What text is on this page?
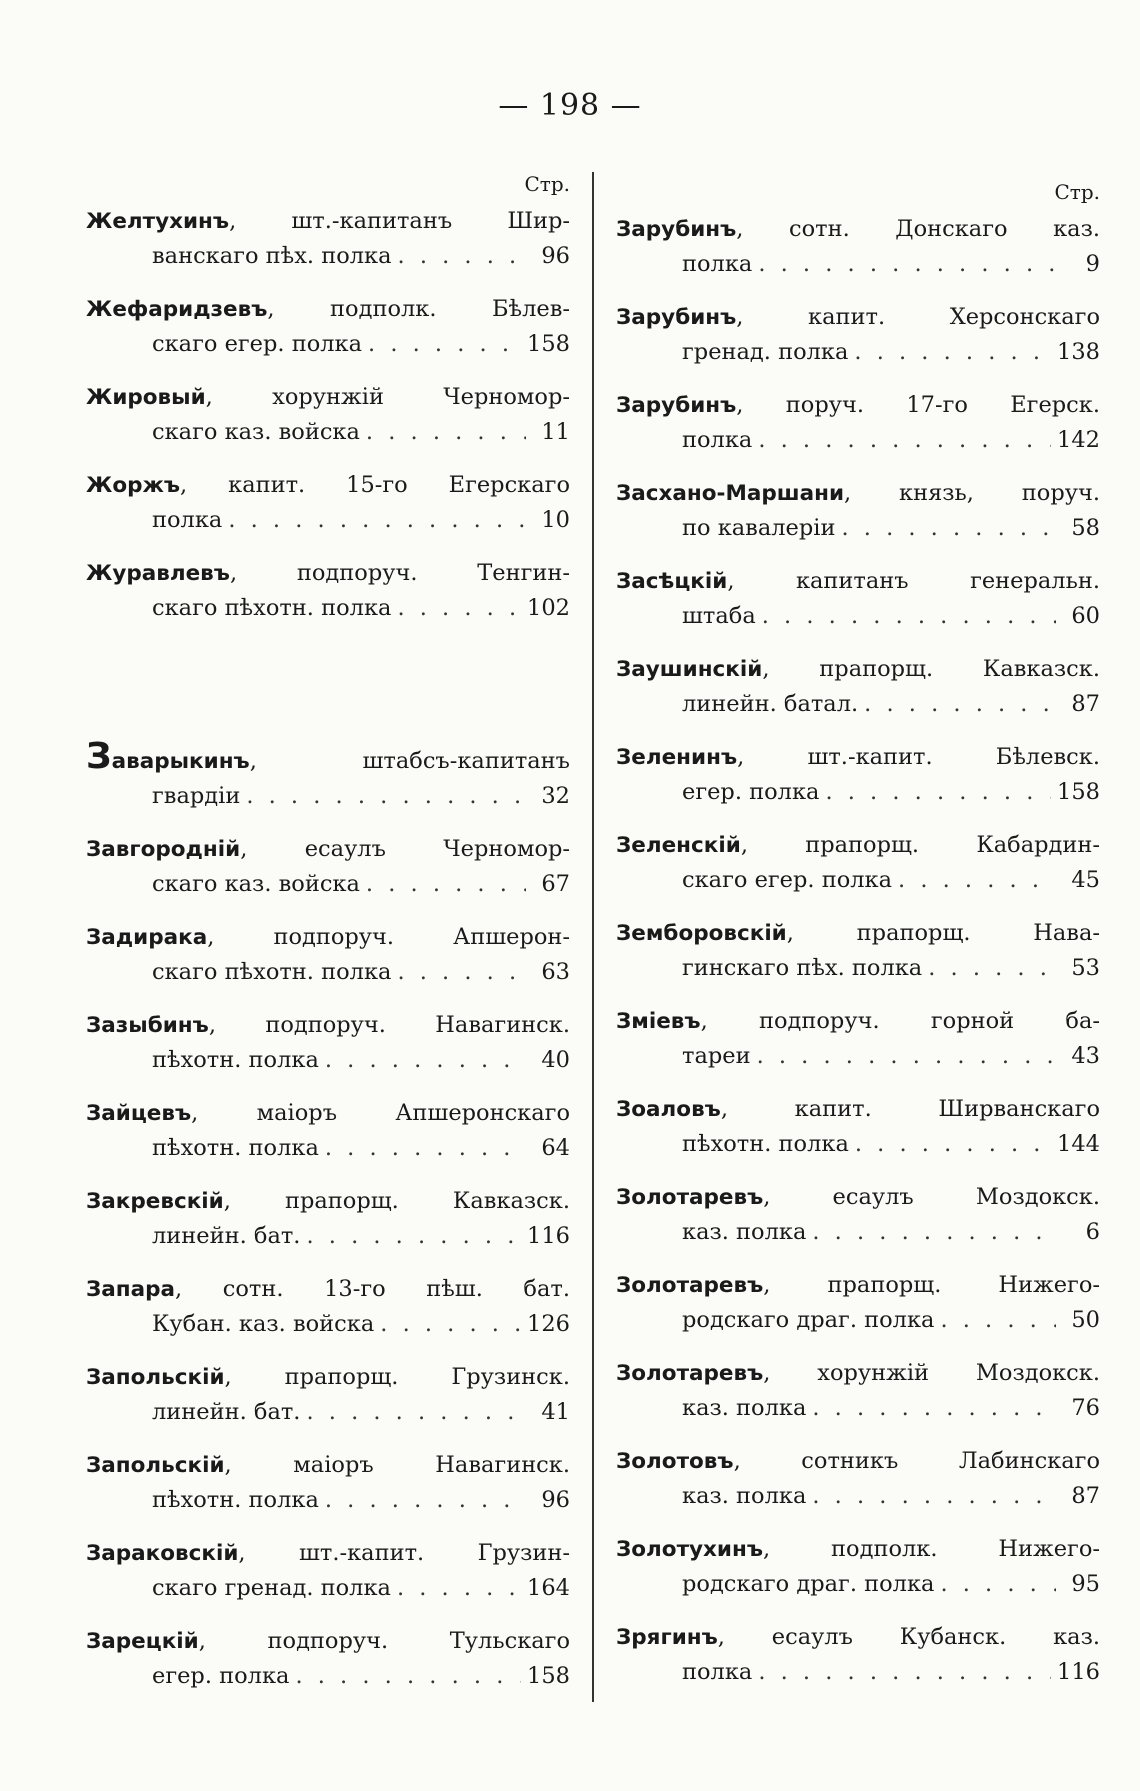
— 198 —
Стр.
Желтухинъ, шт.-капитанъ Шир-
ванскаго пѣх. полка . . .	96
Жефаридзевъ, подполк. Бѣлев-
скаго егер. полка . . .	158
Жировый, хорунжій Черномор-
скаго каз. войска . . .	11
Жоржъ, капит. 15-го Егерскаго
полка . . .	10
Журавлевъ, подпоруч. Тенгин-
скаго пѣхотн. полка . . .	102
Заварыкинъ, штабсъ-капитанъ
гвардіи . . .	32
Завгородній, есаулъ Черномор-
скаго каз. войска . . .	67
Задирака, подпоруч. Апшерон-
скаго пѣхотн. полка . . .	63
Зазыбинъ, подпоруч. Навагинск.
пѣхотн. полка . . .	40
Зайцевъ, маіоръ Апшеронскаго
пѣхотн. полка . . .	64
Закревскій, прапорщ. Кавказск.
линейн. бат. . . .	116
Запара, сотн. 13-го пѣш. бат.
Кубан. каз. войска . . .	126
Запольскій, прапорщ. Грузинск.
линейн. бат. . . .	41
Запольскій, маіоръ Навагинск.
пѣхотн. полка . . .	96
Зараковскій, шт.-капит. Грузин-
скаго гренад. полка . . .	164
Зарецкій, подпоруч. Тульскаго
егер. полка . . .	158
Стр.
Зарубинъ, сотн. Донскаго каз.
полка . . .	9
Зарубинъ, капит. Херсонскаго
гренад. полка . . .	138
Зарубинъ, поруч. 17-го Егерск.
полка . . .	142
Засхано-Маршани, князь, поруч.
по кавалеріи . . .	58
Засѣцкій, капитанъ генеральн.
штаба . . .	60
Заушинскій, прапорщ. Кавказск.
линейн. батал. . . .	87
Зеленинъ, шт.-капит. Бѣлевск.
егер. полка . . .	158
Зеленскій, прапорщ. Кабардин-
скаго егер. полка . . .	45
Земборовскій, прапорщ. Нава-
гинскаго пѣх. полка . . .	53
Зміевъ, подпоруч. горной ба-
тареи . . .	43
Зоаловъ, капит. Ширванскаго
пѣхотн. полка . . .	144
Золотаревъ, есаулъ Моздокск.
каз. полка . . .	6
Золотаревъ, прапорщ. Нижего-
родскаго драг. полка . . .	50
Золотаревъ, хорунжій Моздокск.
каз. полка . . .	76
Золотовъ, сотникъ Лабинскаго
каз. полка . . .	87
Золотухинъ, подполк. Нижего-
родскаго драг. полка . . .	95
Зрягинъ, есаулъ Кубанск. каз.
полка . . .	116
